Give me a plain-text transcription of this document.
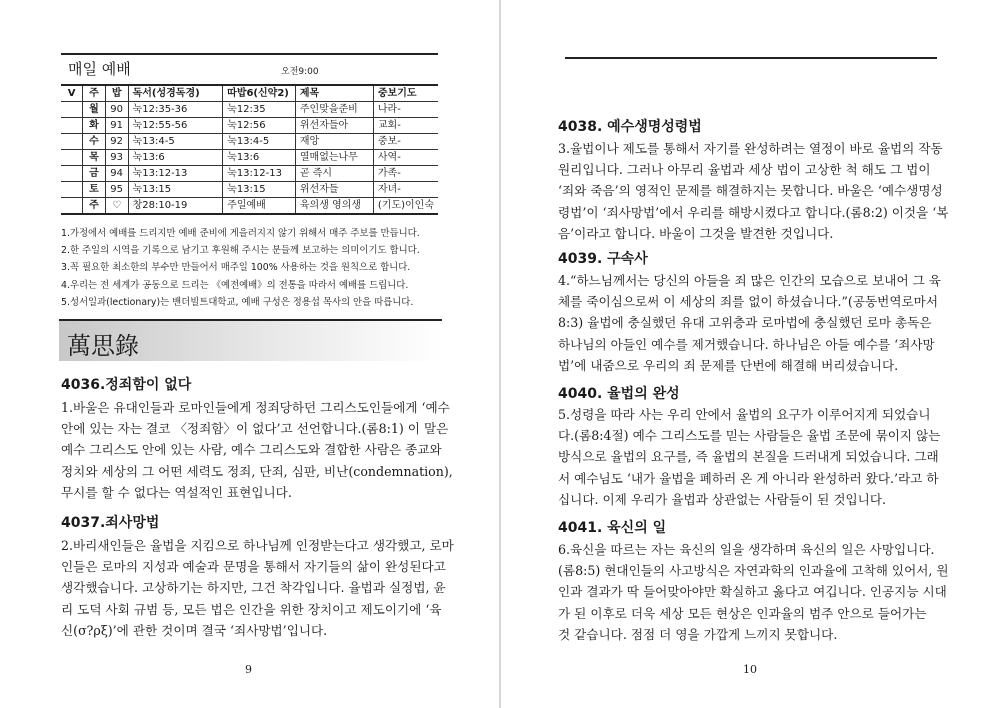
매일 예배	오전9:00
V	주	밥	독서(성경독경)	따밥6(신약2)	제목	중보기도
	월	90	눅12:35-36	눅12:35	주인맞을준비	나라-
	화	91	눅12:55-56	눅12:56	위선자들아	교회-
	수	92	눅13:4-5	눅13:4-5	재앙	중보-
	목	93	눅13:6	눅13:6	열매없는나무	사역-
	금	94	눅13:12-13	눅13:12-13	곧 즉시	가족-
	토	95	눅13:15	눅13:15	위선자들	자녀-
	주	♡	창28:10-19	주일예배	육의생 영의생	(기도)이인숙
1.가정에서 예배를 드리지만 예배 준비에 게을러지지 않기 위해서 매주 주보를 만듭니다.
2.한 주일의 시역을 기록으로 남기고 후원해 주시는 분들께 보고하는 의미이기도 합니다.
3.꼭 필요한 최소한의 부수만 만들어서 매주일 100% 사용하는 것을 원칙으로 합니다.
4.우리는 전 세계가 공동으로 드리는 《예전예배》의 전통을 따라서 예배를 드립니다.
5.성서일과(lectionary)는 밴더빌트대학교, 예배 구성은 정용섭 목사의 안을 따릅니다.
萬思錄
4036.정죄함이 없다
1.바울은 유대인들과 로마인들에게 정죄당하던 그리스도인들에게 ‘예수
안에 있는 자는 결코 〈정죄함〉이 없다’고 선언합니다.(롬8:1) 이 말은
예수 그리스도 안에 있는 사람, 예수 그리스도와 결합한 사람은 종교와
정치와 세상의 그 어떤 세력도 정죄, 단죄, 심판, 비난(condemnation),
무시를 할 수 없다는 역설적인 표현입니다.
4037.죄사망법
2.바리새인들은 율법을 지킴으로 하나님께 인정받는다고 생각했고, 로마
인들은 로마의 지성과 예술과 문명을 통해서 자기들의 삶이 완성된다고
생각했습니다. 고상하기는 하지만, 그건 착각입니다. 율법과 실정법, 윤
리 도덕 사회 규범 등, 모든 법은 인간을 위한 장치이고 제도이기에 ‘육
신(σ?ρξ)’에 관한 것이며 결국 ‘죄사망법’입니다.
9
4038. 예수생명성령법
3.율법이나 제도를 통해서 자기를 완성하려는 열정이 바로 율법의 작동
원리입니다. 그러나 아무리 율법과 세상 법이 고상한 척 해도 그 법이
‘죄와 죽음’의 영적인 문제를 해결하지는 못합니다. 바울은 ‘예수생명성
령법’이 ‘죄사망법’에서 우리를 해방시켰다고 합니다.(롬8:2) 이것을 ‘복
음’이라고 합니다. 바울이 그것을 발견한 것입니다.
4039. 구속사
4.“하느님께서는 당신의 아들을 죄 많은 인간의 모습으로 보내어 그 육
체를 죽이심으로써 이 세상의 죄를 없이 하셨습니다.”(공동번역로마서
8:3) 율법에 충실했던 유대 고위층과 로마법에 충실했던 로마 총독은
하나님의 아들인 예수를 제거했습니다. 하나님은 아들 예수를 ‘죄사망
법’에 내줌으로 우리의 죄 문제를 단번에 해결해 버리셨습니다.
4040. 율법의 완성
5.성령을 따라 사는 우리 안에서 율법의 요구가 이루어지게 되었습니
다.(롬8:4절) 예수 그리스도를 믿는 사람들은 율법 조문에 묶이지 않는
방식으로 율법의 요구를, 즉 율법의 본질을 드러내게 되었습니다. 그래
서 예수님도 ‘내가 율법을 폐하러 온 게 아니라 완성하러 왔다.’라고 하
십니다. 이제 우리가 율법과 상관없는 사람들이 된 것입니다.
4041. 육신의 일
6.육신을 따르는 자는 육신의 일을 생각하며 육신의 일은 사망입니다.
(롬8:5) 현대인들의 사고방식은 자연과학의 인과율에 고착해 있어서, 원
인과 결과가 딱 들어맞아야만 확실하고 옳다고 여깁니다. 인공지능 시대
가 된 이후로 더욱 세상 모든 현상은 인과율의 범주 안으로 들어가는
것 같습니다. 점점 더 영을 가깝게 느끼지 못합니다.
10
